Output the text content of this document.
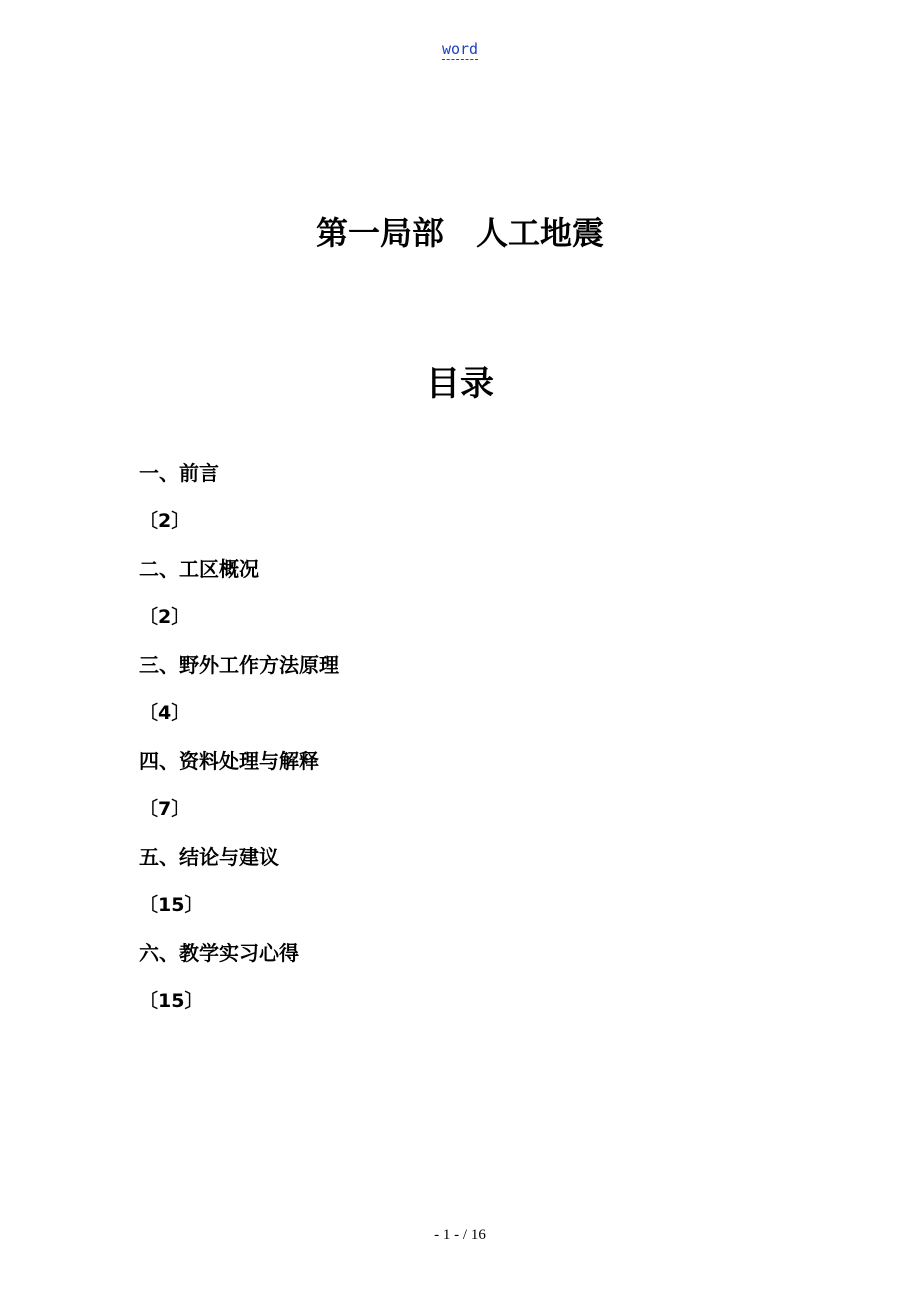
word
第一局部　人工地震
目录
一、前言
〔2〕
二、工区概况
〔2〕
三、野外工作方法原理
〔4〕
四、资料处理与解释
〔7〕
五、结论与建议
〔15〕
六、教学实习心得
〔15〕
- 1 - / 16
